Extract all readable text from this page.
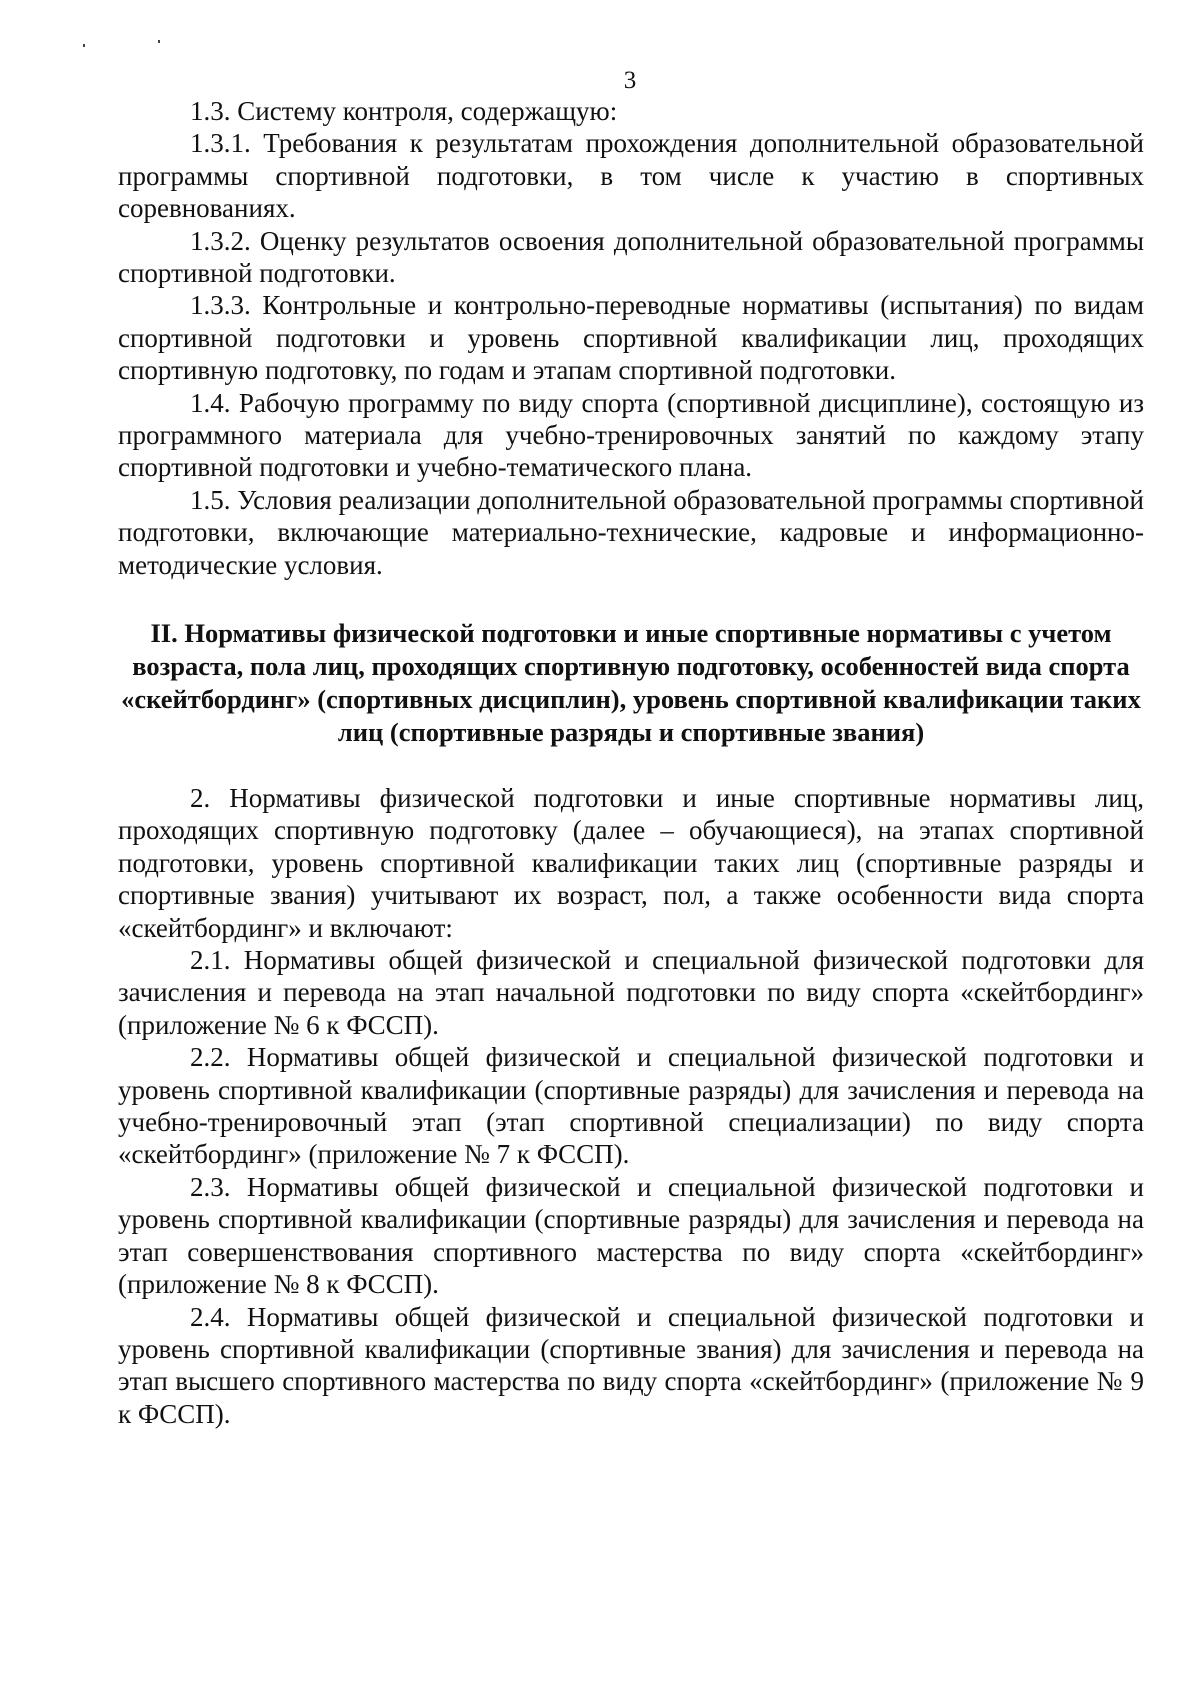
3

1.3. Систему контроля, содержащую:

1.3.1. Требования к результатам прохождения дополнительной образовательной программы спортивной подготовки, в том числе к участию в спортивных соревнованиях.

1.3.2. Оценку результатов освоения дополнительной образовательной программы спортивной подготовки.

1.3.3. Контрольные и контрольно-переводные нормативы (испытания) по видам спортивной подготовки и уровень спортивной квалификации лиц, проходящих спортивную подготовку, по годам и этапам спортивной подготовки.

1.4. Рабочую программу по виду спорта (спортивной дисциплине), состоящую из программного материала для учебно-тренировочных занятий по каждому этапу спортивной подготовки и учебно-тематического плана.

1.5. Условия реализации дополнительной образовательной программы спортивной подготовки, включающие материально-технические, кадровые и информационно-методические условия.

II. Нормативы физической подготовки и иные спортивные нормативы с учетом возраста, пола лиц, проходящих спортивную подготовку, особенностей вида спорта «скейтбординг» (спортивных дисциплин), уровень спортивной квалификации таких лиц (спортивные разряды и спортивные звания)

2. Нормативы физической подготовки и иные спортивные нормативы лиц, проходящих спортивную подготовку (далее – обучающиеся), на этапах спортивной подготовки, уровень спортивной квалификации таких лиц (спортивные разряды и спортивные звания) учитывают их возраст, пол, а также особенности вида спорта «скейтбординг» и включают:

2.1. Нормативы общей физической и специальной физической подготовки для зачисления и перевода на этап начальной подготовки по виду спорта «скейтбординг» (приложение № 6 к ФССП).

2.2. Нормативы общей физической и специальной физической подготовки и уровень спортивной квалификации (спортивные разряды) для зачисления и перевода на учебно-тренировочный этап (этап спортивной специализации) по виду спорта «скейтбординг» (приложение № 7 к ФССП).

2.3. Нормативы общей физической и специальной физической подготовки и уровень спортивной квалификации (спортивные разряды) для зачисления и перевода на этап совершенствования спортивного мастерства по виду спорта «скейтбординг» (приложение № 8 к ФССП).

2.4. Нормативы общей физической и специальной физической подготовки и уровень спортивной квалификации (спортивные звания) для зачисления и перевода на этап высшего спортивного мастерства по виду спорта «скейтбординг» (приложение № 9 к ФССП).
